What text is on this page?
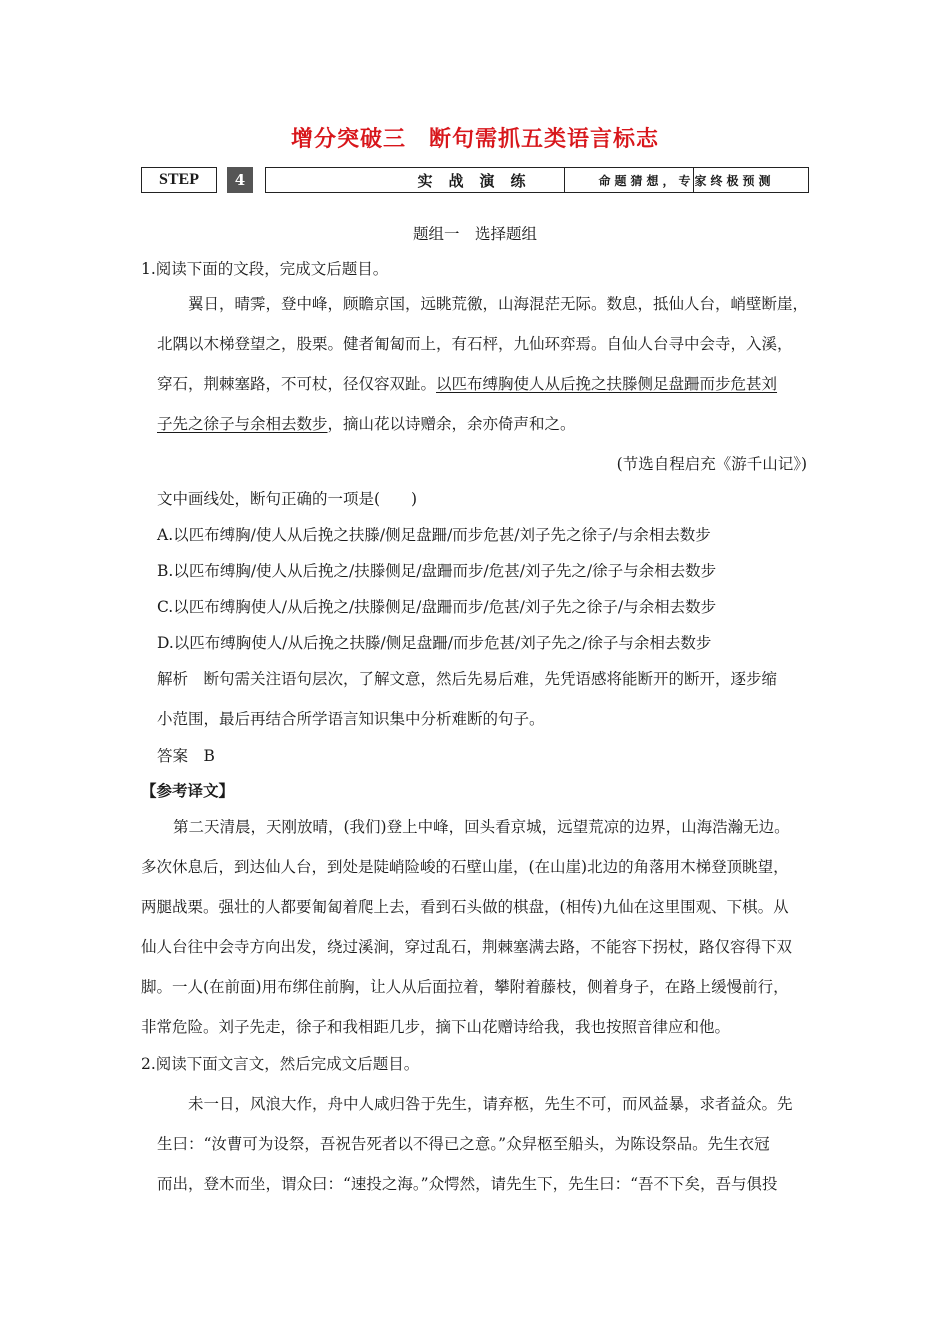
增分突破三　断句需抓五类语言标志
STEP	4	实战演练	命题猜想，专家终极预测
题组一　选择题组
1.阅读下面的文段，完成文后题目。
翼日，晴霁，登中峰，顾瞻京国，远眺荒徼，山海混茫无际。数息，抵仙人台，峭壁断崖，
北隅以木梯登望之，股栗。健者匍匐而上，有石枰，九仙环弈焉。自仙人台寻中会寺，入溪，
穿石，荆棘塞路，不可杖，径仅容双趾。以匹布缚胸使人从后挽之扶滕侧足盘跚而步危甚刘
子先之徐子与余相去数步，摘山花以诗赠余，余亦倚声和之。
(节选自程启充《游千山记》)
文中画线处，断句正确的一项是(　　)
A.以匹布缚胸/使人从后挽之扶滕/侧足盘跚/而步危甚/刘子先之徐子/与余相去数步
B.以匹布缚胸/使人从后挽之/扶滕侧足/盘跚而步/危甚/刘子先之/徐子与余相去数步
C.以匹布缚胸使人/从后挽之/扶滕侧足/盘跚而步/危甚/刘子先之徐子/与余相去数步
D.以匹布缚胸使人/从后挽之扶滕/侧足盘跚/而步危甚/刘子先之/徐子与余相去数步
解析　断句需关注语句层次，了解文意，然后先易后难，先凭语感将能断开的断开，逐步缩
小范围，最后再结合所学语言知识集中分析难断的句子。
答案　B
【参考译文】
第二天清晨，天刚放晴，(我们)登上中峰，回头看京城，远望荒凉的边界，山海浩瀚无边。
多次休息后，到达仙人台，到处是陡峭险峻的石壁山崖，(在山崖)北边的角落用木梯登顶眺望，
两腿战栗。强壮的人都要匍匐着爬上去，看到石头做的棋盘，(相传)九仙在这里围观、下棋。从
仙人台往中会寺方向出发，绕过溪涧，穿过乱石，荆棘塞满去路，不能容下拐杖，路仅容得下双
脚。一人(在前面)用布绑住前胸，让人从后面拉着，攀附着藤枝，侧着身子，在路上缓慢前行，
非常危险。刘子先走，徐子和我相距几步，摘下山花赠诗给我，我也按照音律应和他。
2.阅读下面文言文，然后完成文后题目。
未一日，风浪大作，舟中人咸归咎于先生，请弃柩，先生不可，而风益暴，求者益众。先
生曰：“汝曹可为设祭，吾祝告死者以不得已之意。”众舁柩至船头，为陈设祭品。先生衣冠
而出，登木而坐，谓众曰：“速投之海。”众愕然，请先生下，先生曰：“吾不下矣，吾与俱投
